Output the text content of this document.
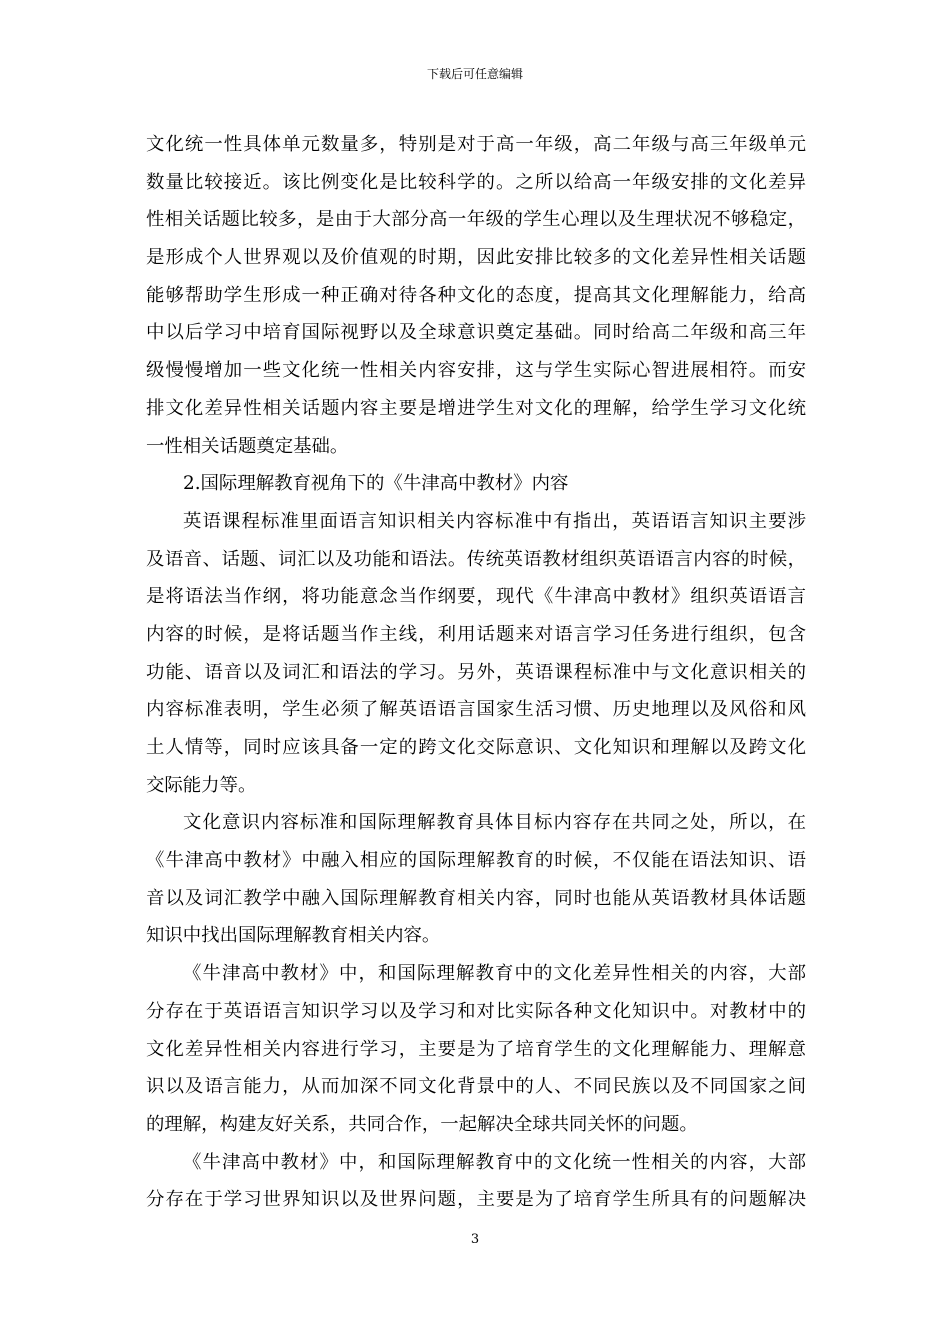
下载后可任意编辑
文化统一性具体单元数量多，特别是对于高一年级，高二年级与高三年级单元
数量比较接近。该比例变化是比较科学的。之所以给高一年级安排的文化差异
性相关话题比较多，是由于大部分高一年级的学生心理以及生理状况不够稳定，
是形成个人世界观以及价值观的时期，因此安排比较多的文化差异性相关话题
能够帮助学生形成一种正确对待各种文化的态度，提高其文化理解能力，给高
中以后学习中培育国际视野以及全球意识奠定基础。同时给高二年级和高三年
级慢慢增加一些文化统一性相关内容安排，这与学生实际心智进展相符。而安
排文化差异性相关话题内容主要是增进学生对文化的理解，给学生学习文化统
一性相关话题奠定基础。
2.国际理解教育视角下的《牛津高中教材》内容
英语课程标准里面语言知识相关内容标准中有指出，英语语言知识主要涉
及语音、话题、词汇以及功能和语法。传统英语教材组织英语语言内容的时候，
是将语法当作纲，将功能意念当作纲要，现代《牛津高中教材》组织英语语言
内容的时候，是将话题当作主线，利用话题来对语言学习任务进行组织，包含
功能、语音以及词汇和语法的学习。另外，英语课程标准中与文化意识相关的
内容标准表明，学生必须了解英语语言国家生活习惯、历史地理以及风俗和风
土人情等，同时应该具备一定的跨文化交际意识、文化知识和理解以及跨文化
交际能力等。
文化意识内容标准和国际理解教育具体目标内容存在共同之处，所以，在
《牛津高中教材》中融入相应的国际理解教育的时候，不仅能在语法知识、语
音以及词汇教学中融入国际理解教育相关内容，同时也能从英语教材具体话题
知识中找出国际理解教育相关内容。
《牛津高中教材》中，和国际理解教育中的文化差异性相关的内容，大部
分存在于英语语言知识学习以及学习和对比实际各种文化知识中。对教材中的
文化差异性相关内容进行学习，主要是为了培育学生的文化理解能力、理解意
识以及语言能力，从而加深不同文化背景中的人、不同民族以及不同国家之间
的理解，构建友好关系，共同合作，一起解决全球共同关怀的问题。
《牛津高中教材》中，和国际理解教育中的文化统一性相关的内容，大部
分存在于学习世界知识以及世界问题，主要是为了培育学生所具有的问题解决
3
